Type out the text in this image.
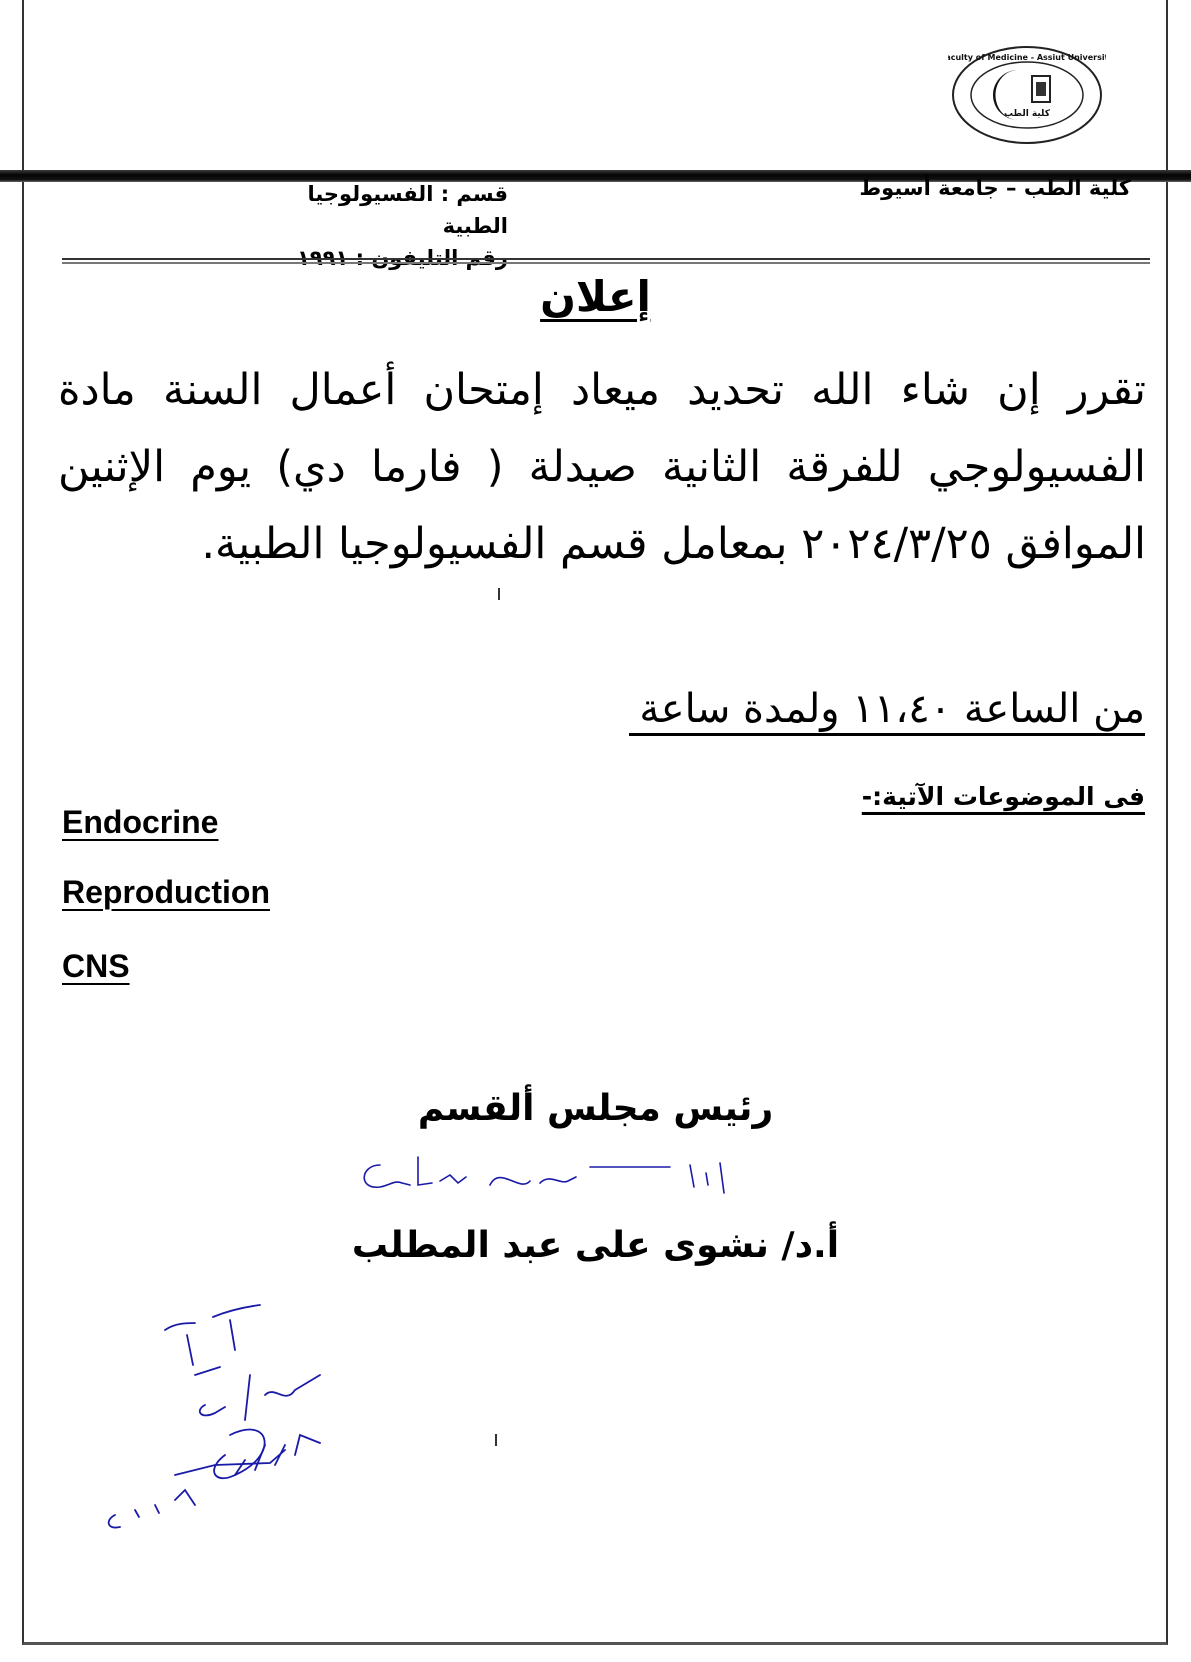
Faculty of Medicine - Assiut University
كلية الطب
كلية الطب – جامعة أسيوط
قسم : الفسيولوجيا الطبية
رقم التليفون : ١٩٩١
إعلان
تقرر إن شاء الله تحديد ميعاد إمتحان أعمال السنة مادة الفسيولوجي للفرقة الثانية صيدلة ( فارما دي) يوم الإثنين الموافق ٢٠٢٤/٣/٢٥ بمعامل قسم الفسيولوجيا الطبية.
من الساعة ١١،٤٠ ولمدة ساعة
فى الموضوعات الآتية:-
Endocrine
Reproduction
CNS
رئيس مجلس ألقسم
أ.د/ نشوى على عبد المطلب
